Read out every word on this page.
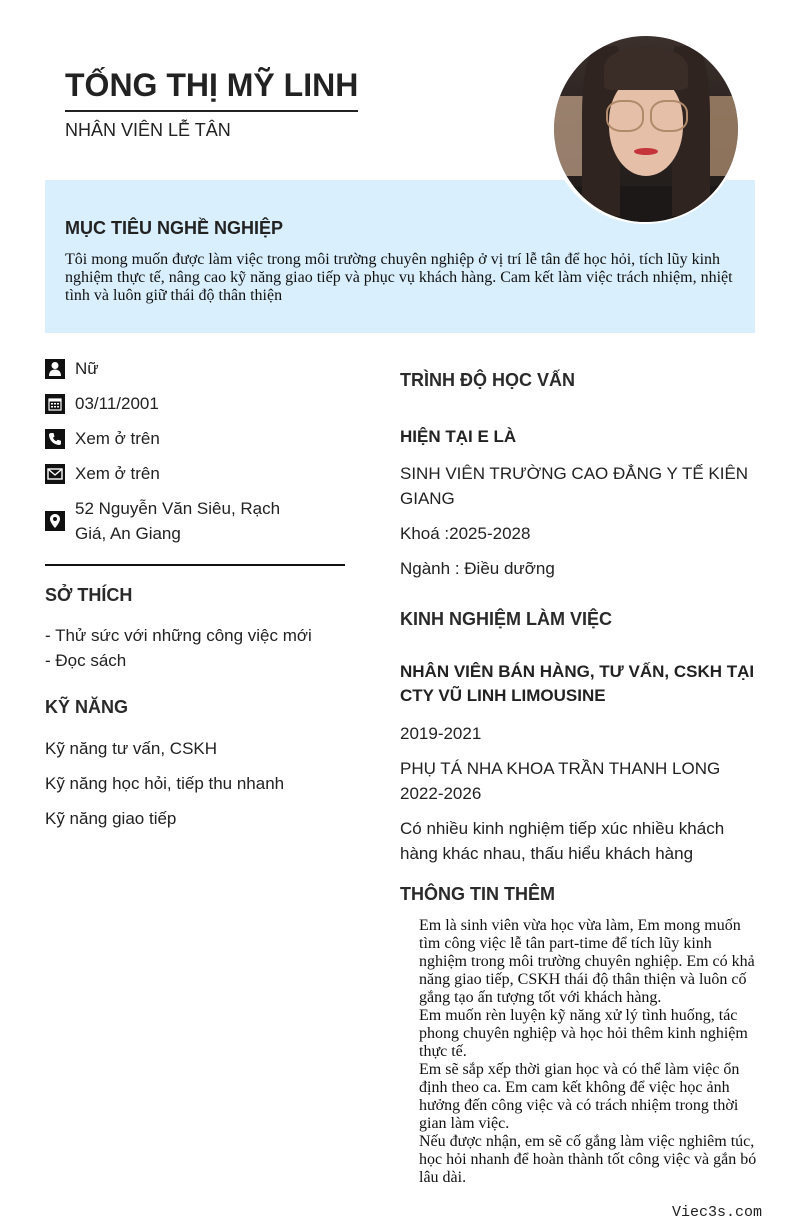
TỐNG THỊ MỸ LINH
NHÂN VIÊN LỄ TÂN
MỤC TIÊU NGHỀ NGHIỆP
Tôi mong muốn được làm việc trong môi trường chuyên nghiệp ở vị trí lễ tân để học hỏi, tích lũy kinh nghiệm thực tế, nâng cao kỹ năng giao tiếp và phục vụ khách hàng. Cam kết làm việc trách nhiệm, nhiệt tình và luôn giữ thái độ thân thiện
Nữ
03/11/2001
Xem ở trên
Xem ở trên
52 Nguyễn Văn Siêu, Rạch Giá, An Giang
SỞ THÍCH
- Thử sức với những công việc mới
- Đọc sách
KỸ NĂNG
Kỹ năng tư vấn, CSKH
Kỹ năng học hỏi, tiếp thu nhanh
Kỹ năng giao tiếp
TRÌNH ĐỘ HỌC VẤN
HIỆN TẠI E LÀ
SINH VIÊN TRƯỜNG CAO ĐẲNG Y TẾ KIÊN GIANG
Khoá :2025-2028
Ngành : Điều dưỡng
KINH NGHIỆM LÀM VIỆC
NHÂN VIÊN BÁN HÀNG, TƯ VẤN, CSKH TẠI CTY VŨ LINH LIMOUSINE
2019-2021
PHỤ TÁ NHA KHOA TRẦN THANH LONG
2022-2026
Có nhiều kinh nghiệm tiếp xúc nhiều khách hàng khác nhau, thấu hiểu khách hàng
THÔNG TIN THÊM

Em là sinh viên vừa học vừa làm, Em mong muốn tìm công việc lễ tân part-time để tích lũy kinh nghiệm trong môi trường chuyên nghiệp. Em có khả năng giao tiếp, CSKH thái độ thân thiện và luôn cố gắng tạo ấn tượng tốt với khách hàng.

Em muốn rèn luyện kỹ năng xử lý tình huống, tác phong chuyên nghiệp và học hỏi thêm kinh nghiệm thực tế.

Em sẽ sắp xếp thời gian học và có thể làm việc ổn định theo ca. Em cam kết không để việc học ảnh hưởng đến công việc và có trách nhiệm trong thời gian làm việc.

Nếu được nhận, em sẽ cố gắng làm việc nghiêm túc, học hỏi nhanh để hoàn thành tốt công việc và gắn bó lâu dài.

Viec3s.com
